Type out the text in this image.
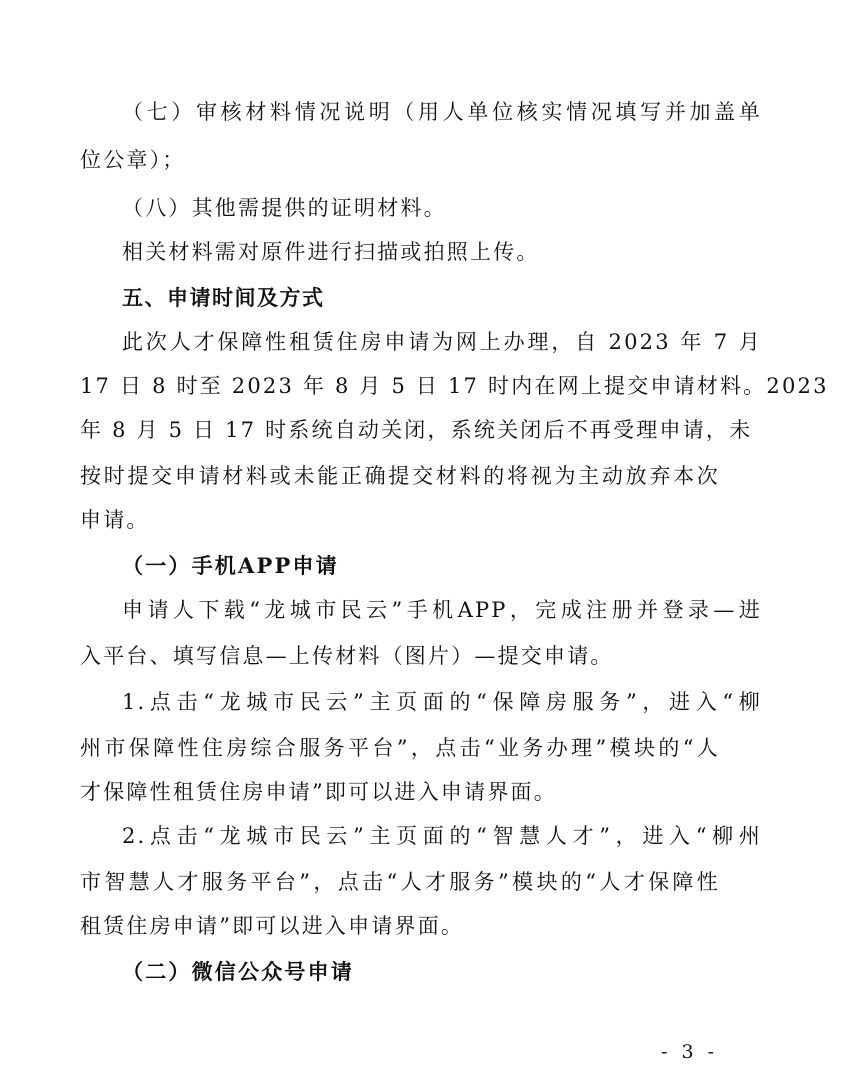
（七）审核材料情况说明（用人单位核实情况填写并加盖单
位公章）；
（八）其他需提供的证明材料。
相关材料需对原件进行扫描或拍照上传。
五、申请时间及方式
此次人才保障性租赁住房申请为网上办理，自 2023 年 7 月
17 日 8 时至 2023 年 8 月 5 日 17 时内在网上提交申请材料。2023
年 8 月 5 日 17 时系统自动关闭，系统关闭后不再受理申请，未
按时提交申请材料或未能正确提交材料的将视为主动放弃本次
申请。
（一）手机APP申请
申请人下载“龙城市民云”手机APP，完成注册并登录—进
入平台、填写信息—上传材料（图片）—提交申请。
1.点击“龙城市民云”主页面的“保障房服务”，进入“柳
州市保障性住房综合服务平台”，点击“业务办理”模块的“人
才保障性租赁住房申请”即可以进入申请界面。
2.点击“龙城市民云”主页面的“智慧人才”，进入“柳州
市智慧人才服务平台”，点击“人才服务”模块的“人才保障性
租赁住房申请”即可以进入申请界面。
（二）微信公众号申请
- 3 -
